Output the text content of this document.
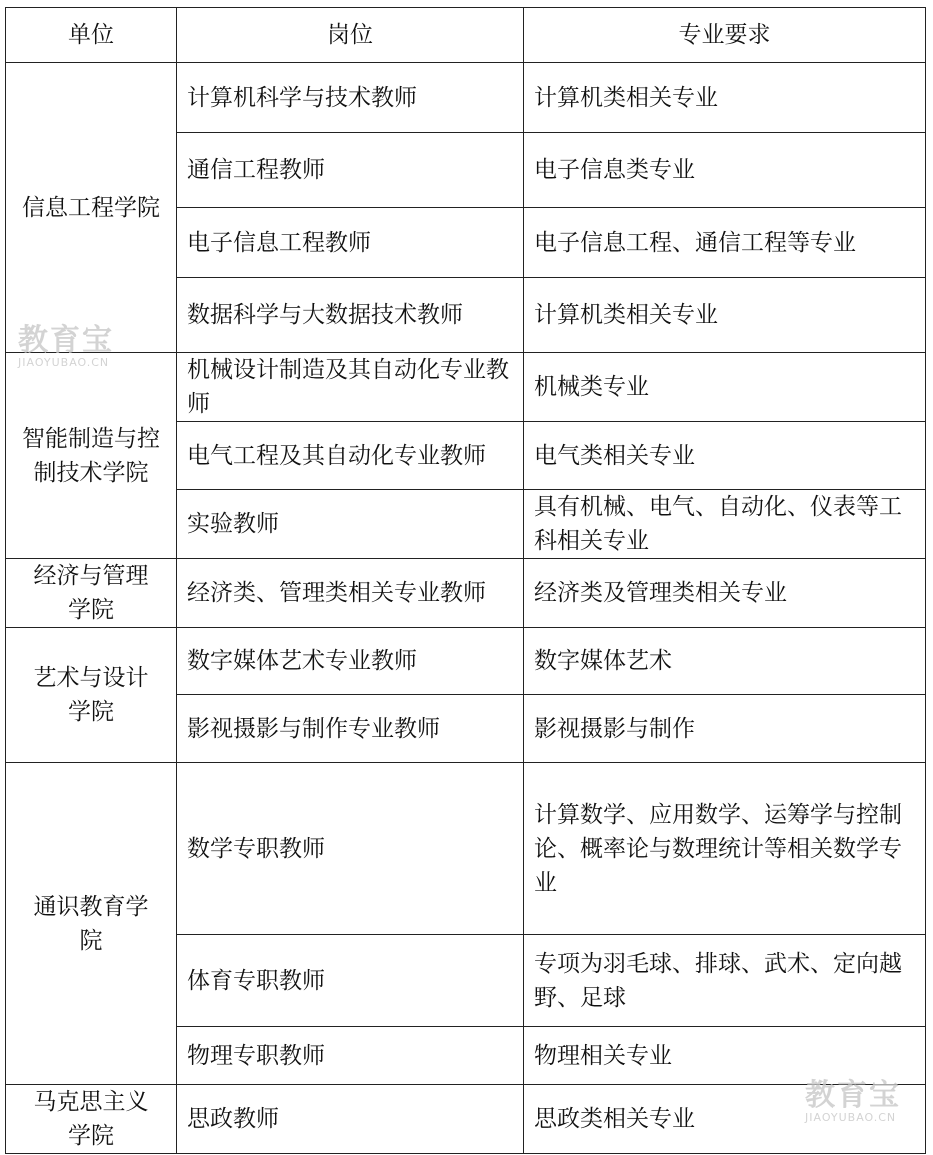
单位	岗位	专业要求

信息工程学院	计算机科学与技术教师	计算机类相关专业
	通信工程教师	电子信息类专业
	电子信息工程教师	电子信息工程、通信工程等专业
	数据科学与大数据技术教师	计算机类相关专业

智能制造与控制技术学院	机械设计制造及其自动化专业教师	机械类专业
	电气工程及其自动化专业教师	电气类相关专业
	实验教师	具有机械、电气、自动化、仪表等工科相关专业

经济与管理学院	经济类、管理类相关专业教师	经济类及管理类相关专业

艺术与设计学院	数字媒体艺术专业教师	数字媒体艺术
	影视摄影与制作专业教师	影视摄影与制作

通识教育学院	数学专职教师	计算数学、应用数学、运筹学与控制论、概率论与数理统计等相关数学专业
	体育专职教师	专项为羽毛球、排球、武术、定向越野、足球
	物理专职教师	物理相关专业

马克思主义学院	思政教师	思政类相关专业
教育宝
JIAOYUBAO.CN
教育宝
JIAOYUBAO.CN
